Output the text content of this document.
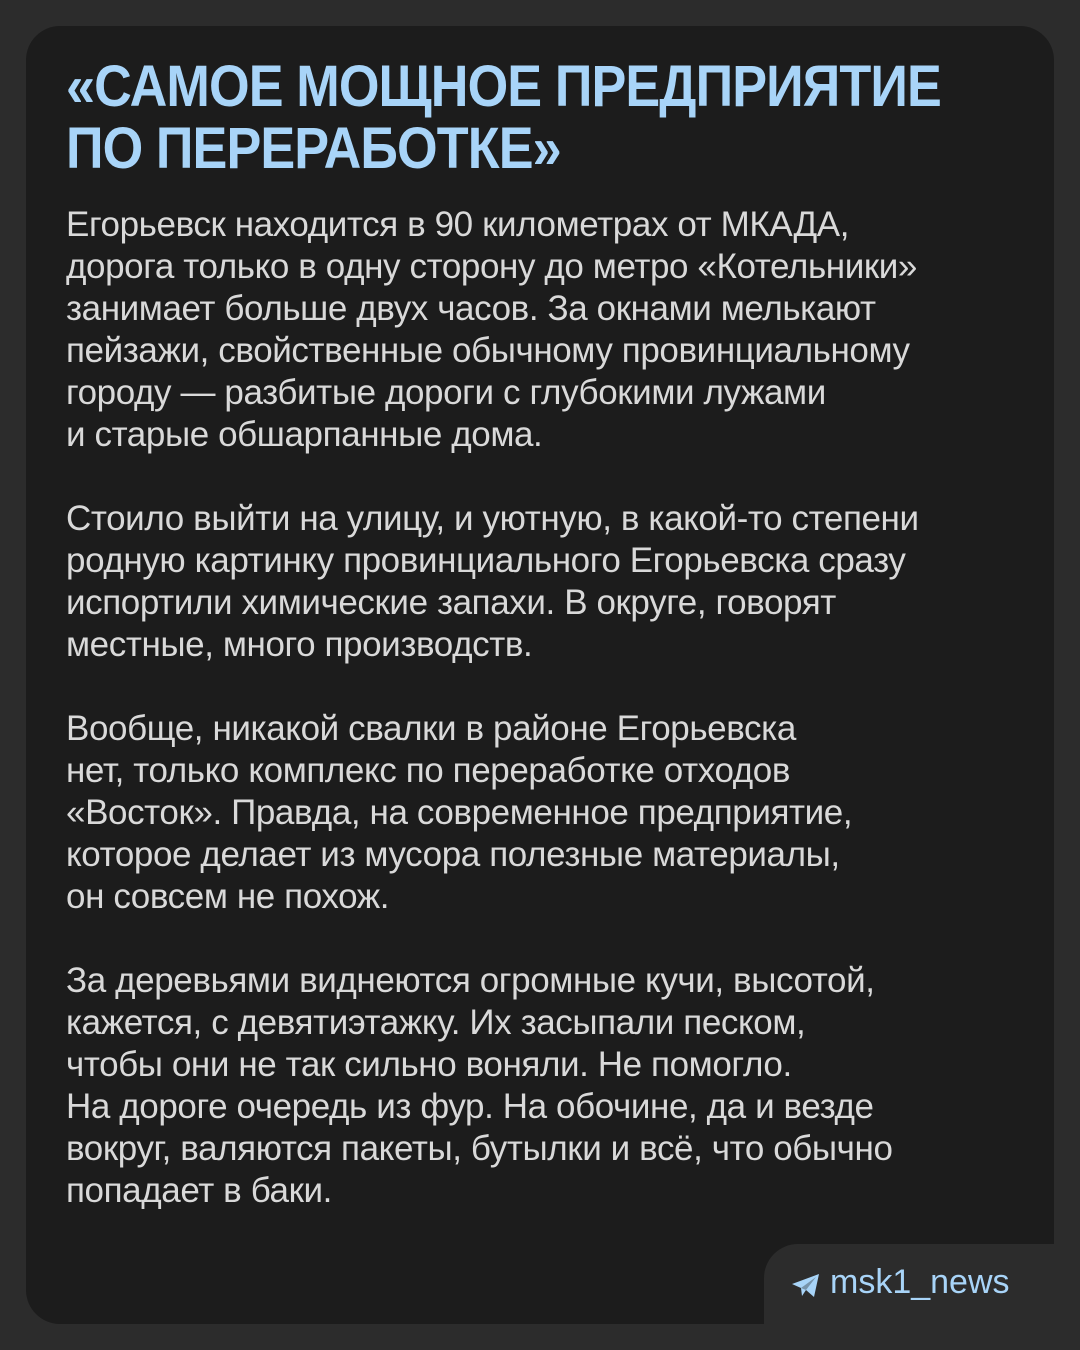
«САМОЕ МОЩНОЕ ПРЕДПРИЯТИЕ
ПО ПЕРЕРАБОТКЕ»

Егорьевск находится в 90 километрах от МКАДА,
дорога только в одну сторону до метро «Котельники»
занимает больше двух часов. За окнами мелькают
пейзажи, свойственные обычному провинциальному
городу — разбитые дороги с глубокими лужами
и старые обшарпанные дома.

Стоило выйти на улицу, и уютную, в какой-то степени
родную картинку провинциального Егорьевска сразу
испортили химические запахи. В округе, говорят
местные, много производств.

Вообще, никакой свалки в районе Егорьевска
нет, только комплекс по переработке отходов
«Восток». Правда, на современное предприятие,
которое делает из мусора полезные материалы,
он совсем не похож.

За деревьями виднеются огромные кучи, высотой,
кажется, с девятиэтажку. Их засыпали песком,
чтобы они не так сильно воняли. Не помогло.
На дороге очередь из фур. На обочине, да и везде
вокруг, валяются пакеты, бутылки и всё, что обычно
попадает в баки.

msk1_news
